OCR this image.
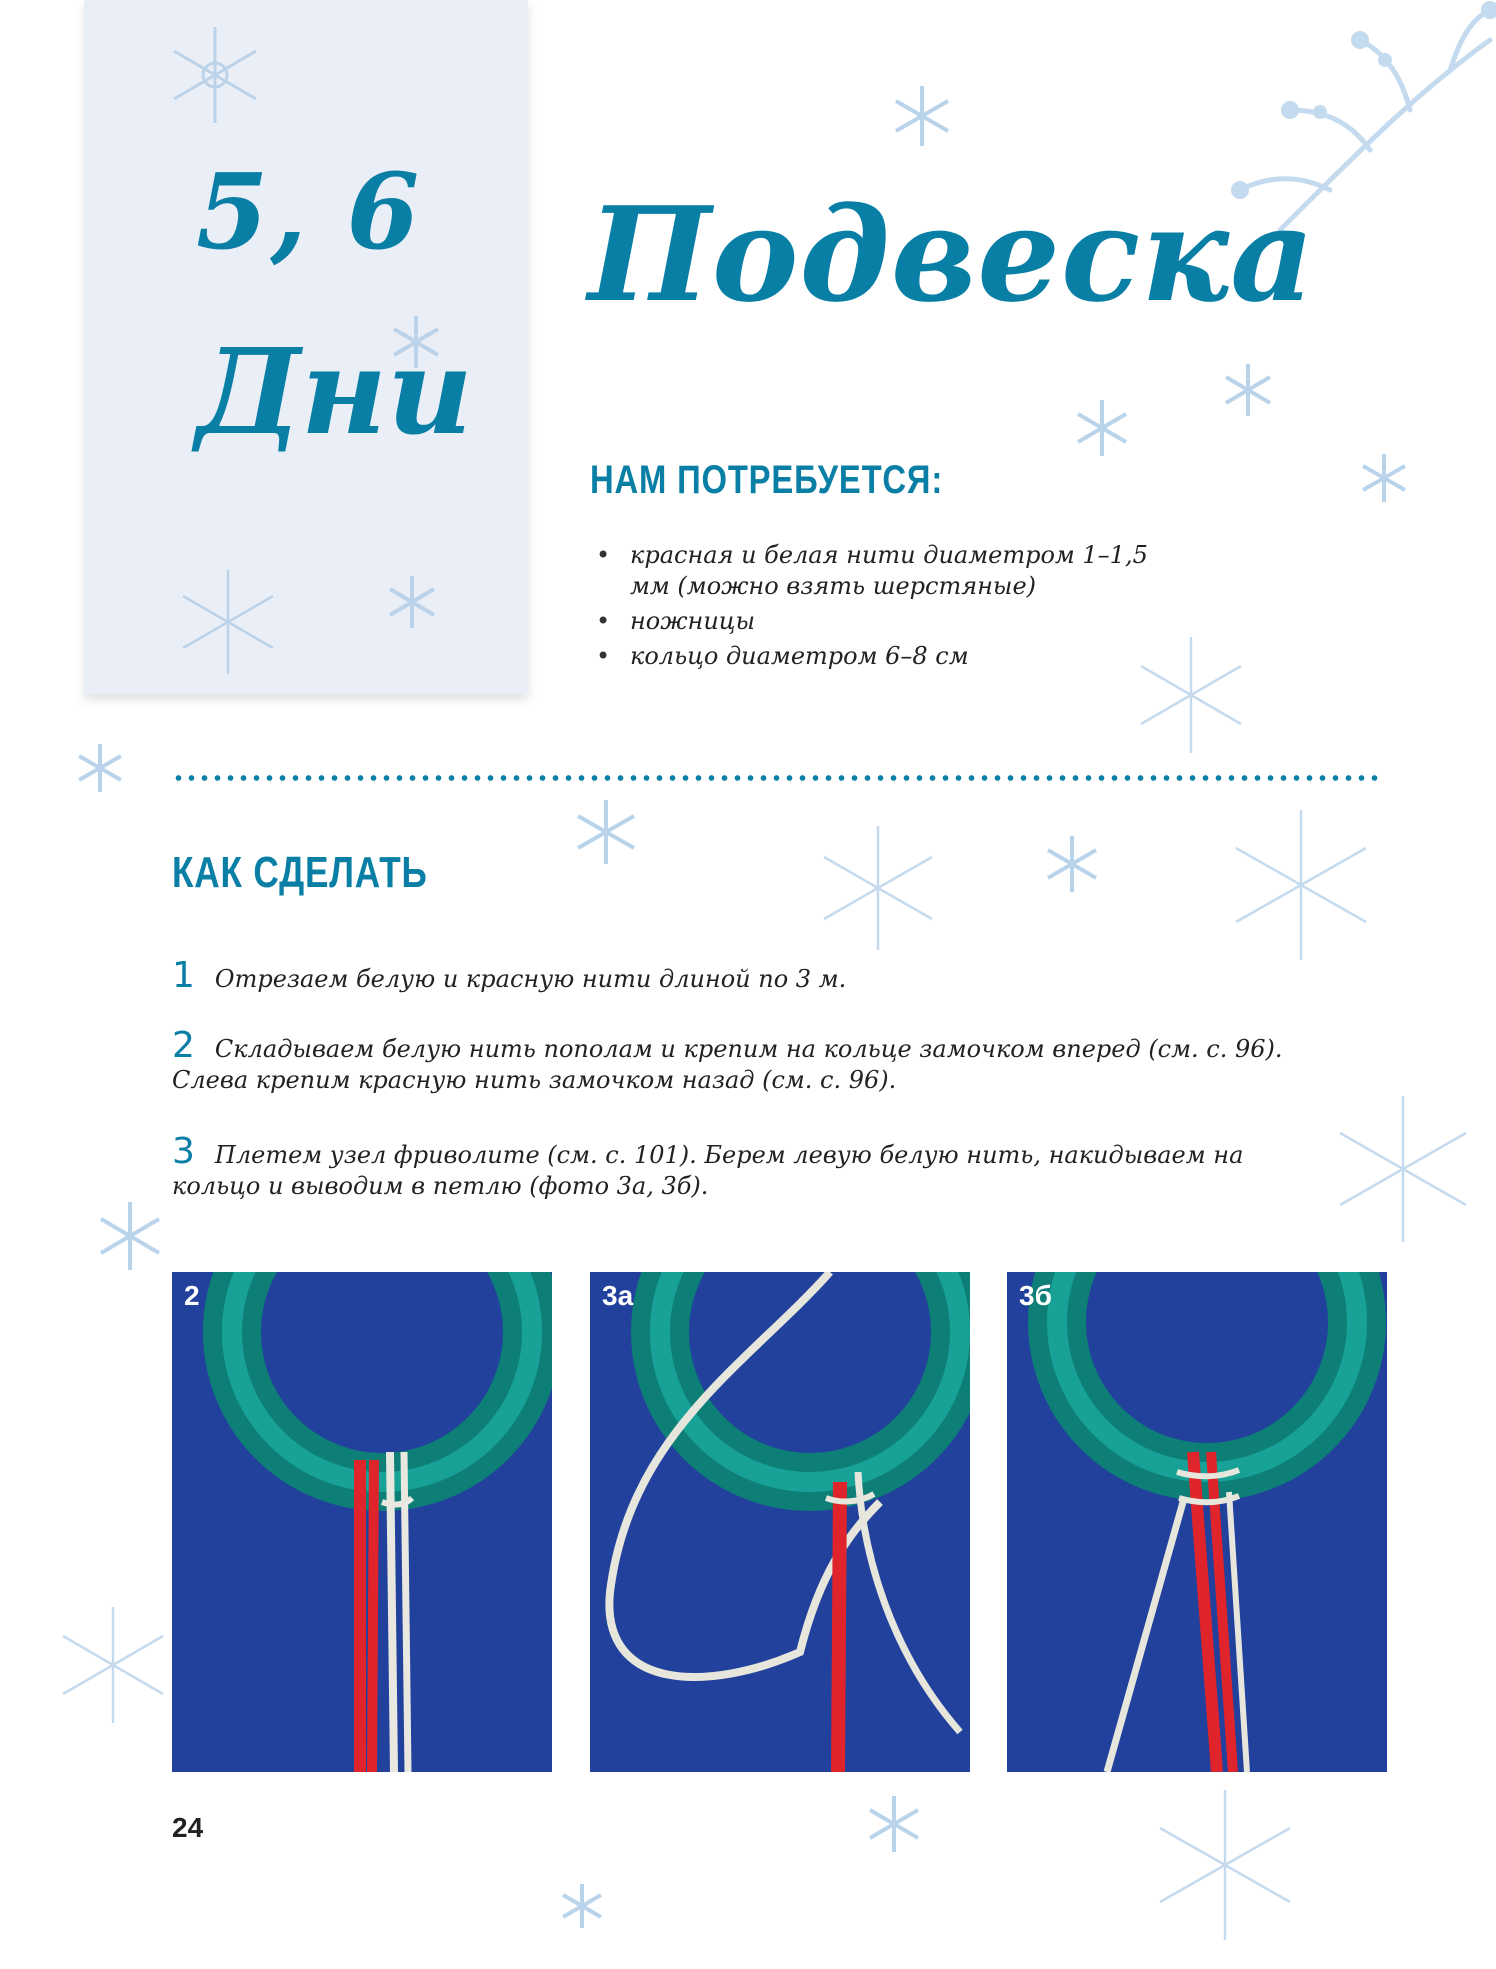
5, 6
Дни
Подвеска
НАМ ПОТРЕБУЕТСЯ:
• красная и белая нити диаметром 1–1,5 мм (можно взять шерстяные)
• ножницы
• кольцо диаметром 6–8 см
КАК СДЕЛАТЬ
1 Отрезаем белую и красную нити длиной по 3 м.
2 Складываем белую нить пополам и крепим на кольце замочком вперед (см. с. 96). Слева крепим красную нить замочком назад (см. с. 96).
3 Плетем узел фриволите (см. с. 101). Берем левую белую нить, накидываем на кольцо и выводим в петлю (фото 3а, 3б).
2	3а	3б
24
